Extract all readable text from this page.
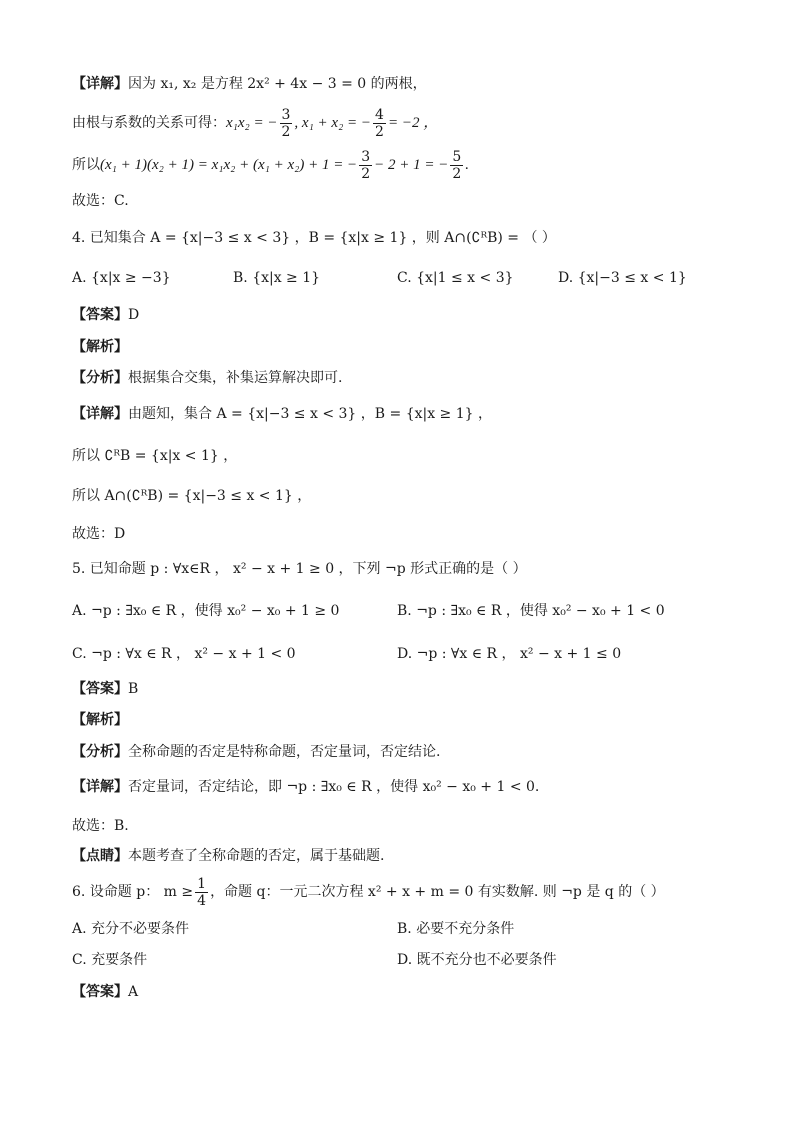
【详解】因为 x₁, x₂ 是方程 2x² + 4x − 3 = 0 的两根，
由根与系数的关系可得：x₁x₂ = − $\frac{3}{2}$ , x₁ + x₂ = − $\frac{4}{2} = -2$ ，
所以(x₁ + 1)(x₂ + 1) = x₁x₂ + (x₁ + x₂) + 1 = − $\frac{3}{2} - 2 + 1$ = − $\frac{5}{2}$ .
故选：C.
4. 已知集合 A = {x|−3 ≤ x < 3} ，B = {x|x ≥ 1} ，则 A∩(∁ᴿB) = （ ）
A. {x|x ≥ −3}	B. {x|x ≥ 1}	C. {x|1 ≤ x < 3}	D. {x|−3 ≤ x < 1}
【答案】D
【解析】
【分析】根据集合交集，补集运算解决即可.
【详解】由题知，集合 A = {x|−3 ≤ x < 3} ，B = {x|x ≥ 1} ，
所以 ∁ᴿB = {x|x < 1} ，
所以 A∩(∁ᴿB) = {x|−3 ≤ x < 1} ，
故选：D
5. 已知命题 p : ∀x∈R ， x² − x + 1 ≥ 0 ，下列 ¬p 形式正确的是（ ）
A. ¬p : ∃x₀ ∈ R ，使得 x₀² − x₀ + 1 ≥ 0	B. ¬p : ∃x₀ ∈ R ，使得 x₀² − x₀ + 1 < 0
C. ¬p : ∀x ∈ R ， x² − x + 1 < 0	D. ¬p : ∀x ∈ R ， x² − x + 1 ≤ 0
【答案】B
【解析】
【分析】全称命题的否定是特称命题，否定量词，否定结论.
【详解】否定量词，否定结论，即 ¬p : ∃x₀ ∈ R ，使得 x₀² − x₀ + 1 < 0.
故选：B.
【点睛】本题考查了全称命题的否定，属于基础题.
6. 设命题 p： $m \ge \frac{1}{4}$ ，命题 q：一元二次方程 x² + x + m = 0 有实数解. 则 ¬p 是 q 的（ ）
A. 充分不必要条件	B. 必要不充分条件
C. 充要条件	D. 既不充分也不必要条件
【答案】A
